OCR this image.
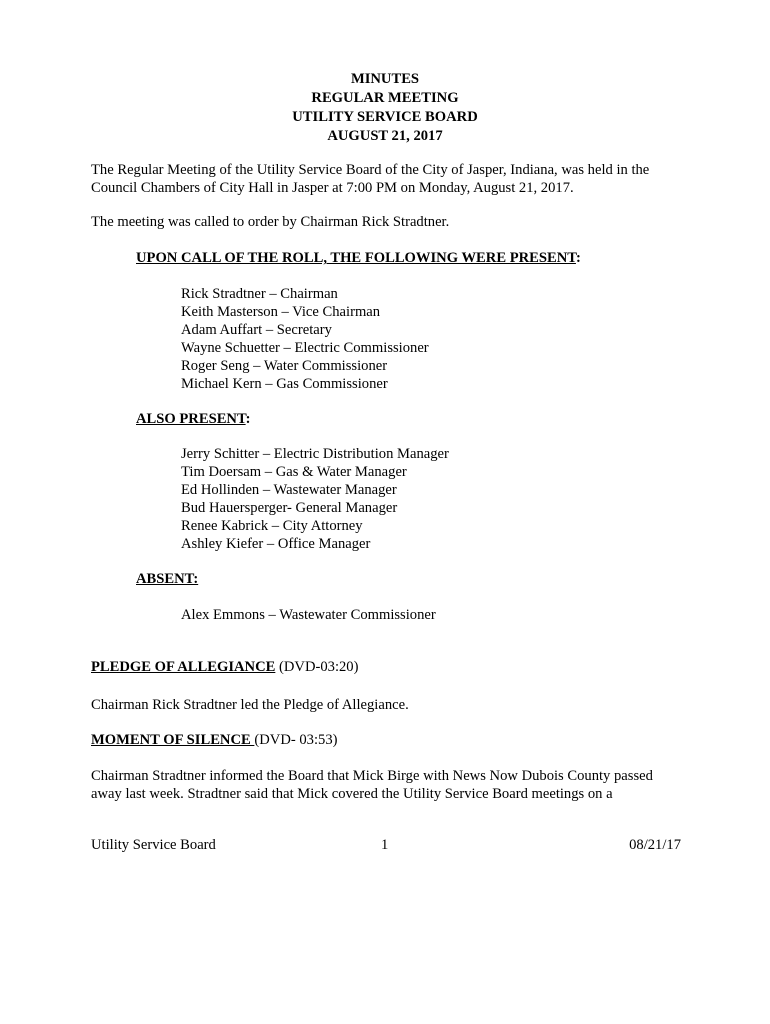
MINUTES
REGULAR MEETING
UTILITY SERVICE BOARD
AUGUST 21, 2017
The Regular Meeting of the Utility Service Board of the City of Jasper, Indiana, was held in the
Council Chambers of City Hall in Jasper at 7:00 PM on Monday, August 21, 2017.
The meeting was called to order by Chairman Rick Stradtner.
UPON CALL OF THE ROLL, THE FOLLOWING WERE PRESENT:
Rick Stradtner – Chairman
Keith Masterson – Vice Chairman
Adam Auffart – Secretary
Wayne Schuetter – Electric Commissioner
Roger Seng – Water Commissioner
Michael Kern – Gas Commissioner
ALSO PRESENT:
Jerry Schitter – Electric Distribution Manager
Tim Doersam – Gas & Water Manager
Ed Hollinden – Wastewater Manager
Bud Hauersperger- General Manager
Renee Kabrick – City Attorney
Ashley Kiefer – Office Manager
ABSENT:
Alex Emmons – Wastewater Commissioner
PLEDGE OF ALLEGIANCE (DVD-03:20)
Chairman Rick Stradtner led the Pledge of Allegiance.
MOMENT OF SILENCE (DVD- 03:53)
Chairman Stradtner informed the Board that Mick Birge with News Now Dubois County passed
away last week. Stradtner said that Mick covered the Utility Service Board meetings on a
Utility Service Board	1	08/21/17
